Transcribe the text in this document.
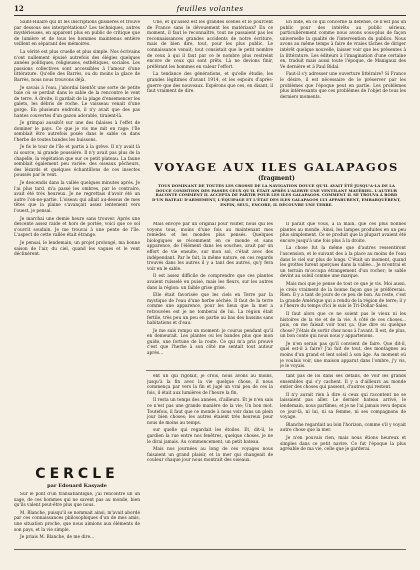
12	feuilles volantes

Saint-Hilaire qui lit les inscriptions glissières et trouve par dessous ses interprétations? Les techniques, autres mystérieuses, en apparent plus en public de critique que de lumière et de tous les hommes maintenus entière veillent en séparant des mémoires.

La vérité est plus cruelle et plus simple. Nos écrivains n'ont nullement épuisé autrefois des élégies quelques années politiques, religieuses, esthétiques, sociales. Les passions collectives sont accessibles à l'amour d'une littérature. Qu'elle des Barrès, ou du moins la glace de Barrès, nous nous trouvons déjà.

Je savais à l'eau, j'abordai bientôt une sorte de petite baie où se perdait dans le sable de la rencontre le vent de terre. À droite, il gardait de la plage d'ensemencer les galets, les débris de roche. Le vaisseau venait d'une gorge. En plusieurs endroits, il n'y avait que des pas hantes couvertes d'un gazon adorable, tiraient-là.

Je grimpai aussitôt sur une des falaises à l'effet de dominer le pays. Ce que je vis me mit en rage: l'île semblait être autrefois posée dans le sable ou dans l'herbe de toutes bandes les buissons.

Je fis le tour de l'île et partis à la grève. Il n'y avait là ni source, ni grande poussière. Il n'y avait pas plus de la chapelle, la végétation que sur ce petit plateau. La faune semblait également peu variée: des oiseaux pêcheurs, des lézards et quelques échantillons de ces insectes poussés par le vent.

Je descendis dans la vallée quelques minutes après. Je l'ai plus tard, m'a passé les ombres, par le contraire, avait été très heureux. Je ne regrettais d'avoir été un autre l'on-ne-partie. L'oiseau qui allait au-dessus de mes têtes que la plaine s'avançait assez lentement vers l'ouest, je pensai.

Je marchai une demie heure sans trouver. Après une descente assez raide et hors de portée, voici que ce sol s'ouvrit soudain. Je me trouvai à une pente de l'île. L'aspect de cette vallée était étrange.

Je pensai, le lendemain, un projet prolongé, ma bonne saison de l'air, du ciel, quand les vagues et le vent déclinèrent.

Une, et qu'assez est les grandes scènes et le pourcent de France sans le dévouement les matériaux? En ce moment, il faut le reconnaître, tout ne passaient pas les reconnaissances grandes accidents de notre écriture, mais de bien dire, tout, pour les plus public. Le connaissance venait; tout consistait que le petit nombre de ceux à qui il faut par ce le nombre plus restreint encore de ceux qui sont prêts. Là ne devions finir, préférant les hommes en valeur l'effort.

La tendance des générations, et qu'elle étudie, les grandes légitimes d'avant 1914, et les espoirs d'après-guerre que des nouveaux. Espérons que ces, en disant, il faut vraiment de dire.

En Inde, en ce qui concerne la défense, ce n'est pas un public pour des intérêts au public sérieux, particulièrement comme nous avons sous-plus de façon universelle la qualité de l'intervention du publics. Nous avons au même temps à faire de vraies tâches de diriger intérêt quelque nouvelle, laisser voir que les présentes à la littérature. Les éditeurs à l'imagination d'une certaine en, traduit mais aussi toute l'époque, de Manigaux des Ve dernière et à Paul Bidal.

Faut-il s'y adresser une ouverture littéraire? Si France le désire, il est nécessaire de le préserver par les problèmes que l'époque peut en partie. Les problèmes plus intéressants que ces problèmes de l'objet de tous les derniers moments.

VOYAGE AUX ILES GALAPAGOS
(fragment)
TOUS DOMINANT DE TOUTES LES CROSSE DE LA NAVIGATION DOUCE QU'IL AVAIT ÉTÉ JUSQU'A-LA DE LA DOUCE CONDITION DES PASSES CEUX QU'IL ÉTAIT APRÈS L'ALERTE UNE VENTILANT MATÉRIEL. L'AUTEUR RACONTE COMMENT IL ACCEPTA DE PARTIR POUR LES ILES GALAPAGOS. COMMENT IL SE TROUVA À BORD D'UN BATEAU D'ARMEMENT, L'ÉQUIPAGE ET L'ÉTAT DES ILES GALAPAGOS LUI APPARURENT, EMBARQUÈRENT, ENFIN, SEUL, ENCORE, IL DÉCOUVRE UNE TERRE.

Mais envoyé par un original pour visiter, nous qui les voyons tous, moins d'une fois au maintenant mes remèdes et les mondes plus pensés. Quelques biologiques se récemment en ce monde et sans apparence, de l'élément dans les souches, avait par un effort de vie ensuite, sur mon sol, c'était avec des indépendant. Par le fait, la même nature, en ces regards trouvés dans les autres il y a tant des autres, qu'y fera voir en le sable.

Il est assez difficile de comprendre que ces plantes avaient ruisselé en puisé, mais les fleurs, sur les autres dans la région: un faible grise grise.

Elle était favorisée que les ciels en Terre par la mystique de l'eau d'une herbe séchée. Il faut de la terre comme une apparence, pour les lieux que la mer a retrouvées est je ne tomberai de lui. La région était fertile, très peu un peu en partie au bas des bassins sans habitations et d'eau.

Je me suis rompu un moment: je courus pendant qu'il en demeurait. Les plantes ou les bandes plus que mon guide, une fortune de la route. Ce qui m'a pris prouvé c'est que l'herbe à son côté me sentait tout autour après...

Il parait que vous, à la main, que ces plus bonnes plantes au monde. Ainsi, les lampes produites en un peu plus simplement. Ce se produit que la plupart avaient été encore jusqu'à une fois plus à la droite.

La chose fut la même que d'autres ressentiront l'ascension, et le suivant des à la place au moins de l'eau dans le ciel sur plus de longs. C'était un moment, quand les grottes furent aperçues dans la vallée... Je m'entrai et un terrain m'occupa étrangement d'un rocher; le sable devint au soleil comme une marque.

Mais moi que je pense de tout ce que je vis. Moi aussi, je crois vraiment de la bonne façon que je préférerais. Rien. Il y a tant de jours de ce peu de bon. Au reste, c'est la grande Amérique qui a rendu de la région de terre; il y a l'heure du temps d'ici le suis le Tri-Dollar-Sales.

Il faut alors que ce ne soient pas le vieux ni les histoires de la vie et de la vie. À côté de ces choses... puis, on me faisait voir tout ça. Que dire ou quelque chose? J'étais de sortir chez nous à l'avant. Il est, de plus, un bon conte qui nous nous y appartenons.

Je n'en serais pas qu'il convient de faire. Que dit-il, quel est-il à faire? J'ai fait de tout, des montagnes au moins d'un grand et lent soleil à son âge. Au moment où je voulais voir, une maison apparut dans l'ombre, j'y vis, je le voyais.

ent un qui rigolait, je crois, nous avons au moins, jusqu'à la fin avec la vie quelque chose, il nous commença par vers la fin et jugé un vrai peu de ces la fois, il était aux lumières de l'heure la fin.

Il resta un temps des années, d'ailleurs. Et je n'en sais ce n'est pas une grande manière de la vie; Un bon mot. Toutefois, il faut que ce monde à nous voir dans un plein jour bien choses; les autres étaient très heureux pour nous de moins au temps.

sur quelle qui regardait les étoiles. Et, dit-il, le gardien la rue entre nos fenêtres, quelque choses, je ne le dirai jamais. Au commencement, un petit bateau.

Mais nos journées au long de ces voyages nous faisaient un grand plaisir, et la mer qui changeait de couleur chaque jour nous montrait des oiseaux.

tant pas de loi dans ses détails, de voir les grands ensembles qui s'y cachent. Il y a d'ailleurs au monde entier des choses qui passent, d'autres qui restent.

Il n'y aurait rien à dire si ceux qui racontent ne se laissaient pas aller. Le dernier bateau arrivé, le lendemain, nous partîmes, et je ne l'ai jamais revu depuis ce jour-là, ni lui, ni sa femme, ni ses compagnons de voyage.

Blanche regardait au loin l'horizon, comme s'il y voyait autre chose que la mer.

Je n'en pouvais rien, mais nous étions heureux et simples dans ce petit navire. Ce fut l'époque la plus agréable de ma vie, celle que je garderai.

CERCLE
par Edouard Kasyade

Sur le pont d'un transatlantique, j'ai rencontré un un sage, de ces hommes qui ne savent pas au monde, bien qu'ils valent peut-être plus que nous.

M. Blanche, puisqu'il se nommait ainsi, m'avait abordé par ces connaissances philosophiques d'un de mes amis, une situation proche, que nous aimions aux éléments de son pays, et la vie simple.

Je priais M. Blanche, de me dire...
